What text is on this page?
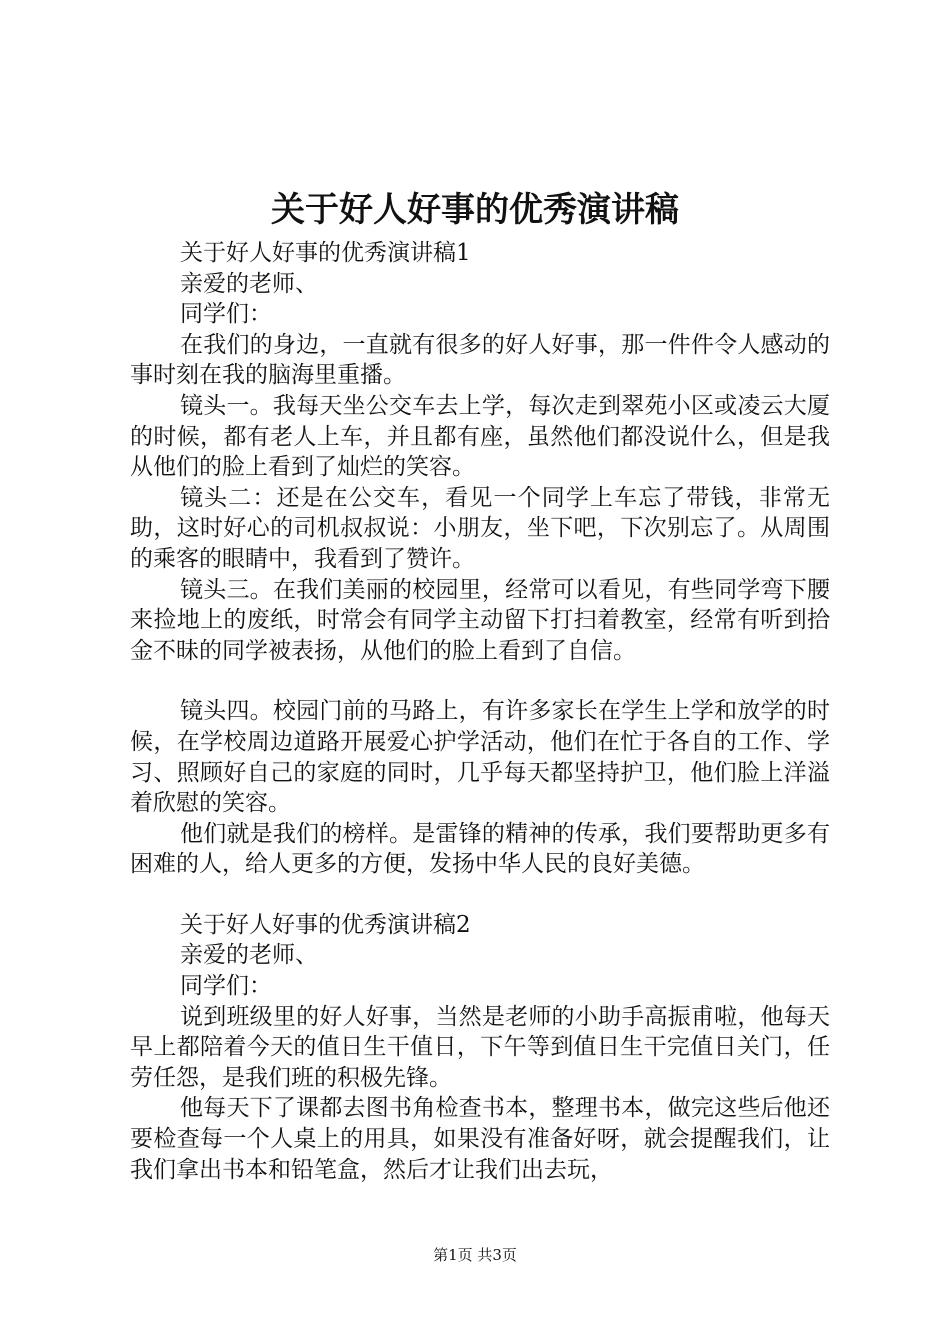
关于好人好事的优秀演讲稿

关于好人好事的优秀演讲稿1

亲爱的老师、

同学们：

在我们的身边，一直就有很多的好人好事，那一件件令人感动的事时刻在我的脑海里重播。

镜头一。我每天坐公交车去上学，每次走到翠苑小区或凌云大厦的时候，都有老人上车，并且都有座，虽然他们都没说什么，但是我从他们的脸上看到了灿烂的笑容。

镜头二：还是在公交车，看见一个同学上车忘了带钱，非常无助，这时好心的司机叔叔说：小朋友，坐下吧，下次别忘了。从周围的乘客的眼睛中，我看到了赞许。

镜头三。在我们美丽的校园里，经常可以看见，有些同学弯下腰来捡地上的废纸，时常会有同学主动留下打扫着教室，经常有听到拾金不昧的同学被表扬，从他们的脸上看到了自信。

镜头四。校园门前的马路上，有许多家长在学生上学和放学的时候，在学校周边道路开展爱心护学活动，他们在忙于各自的工作、学习、照顾好自己的家庭的同时，几乎每天都坚持护卫，他们脸上洋溢着欣慰的笑容。

他们就是我们的榜样。是雷锋的精神的传承，我们要帮助更多有困难的人，给人更多的方便，发扬中华人民的良好美德。

关于好人好事的优秀演讲稿2

亲爱的老师、

同学们：

说到班级里的好人好事，当然是老师的小助手高振甫啦，他每天早上都陪着今天的值日生干值日，下午等到值日生干完值日关门，任劳任怨，是我们班的积极先锋。

他每天下了课都去图书角检查书本，整理书本，做完这些后他还要检查每一个人桌上的用具，如果没有准备好呀，就会提醒我们，让我们拿出书本和铅笔盒，然后才让我们出去玩，

第1页 共3页
